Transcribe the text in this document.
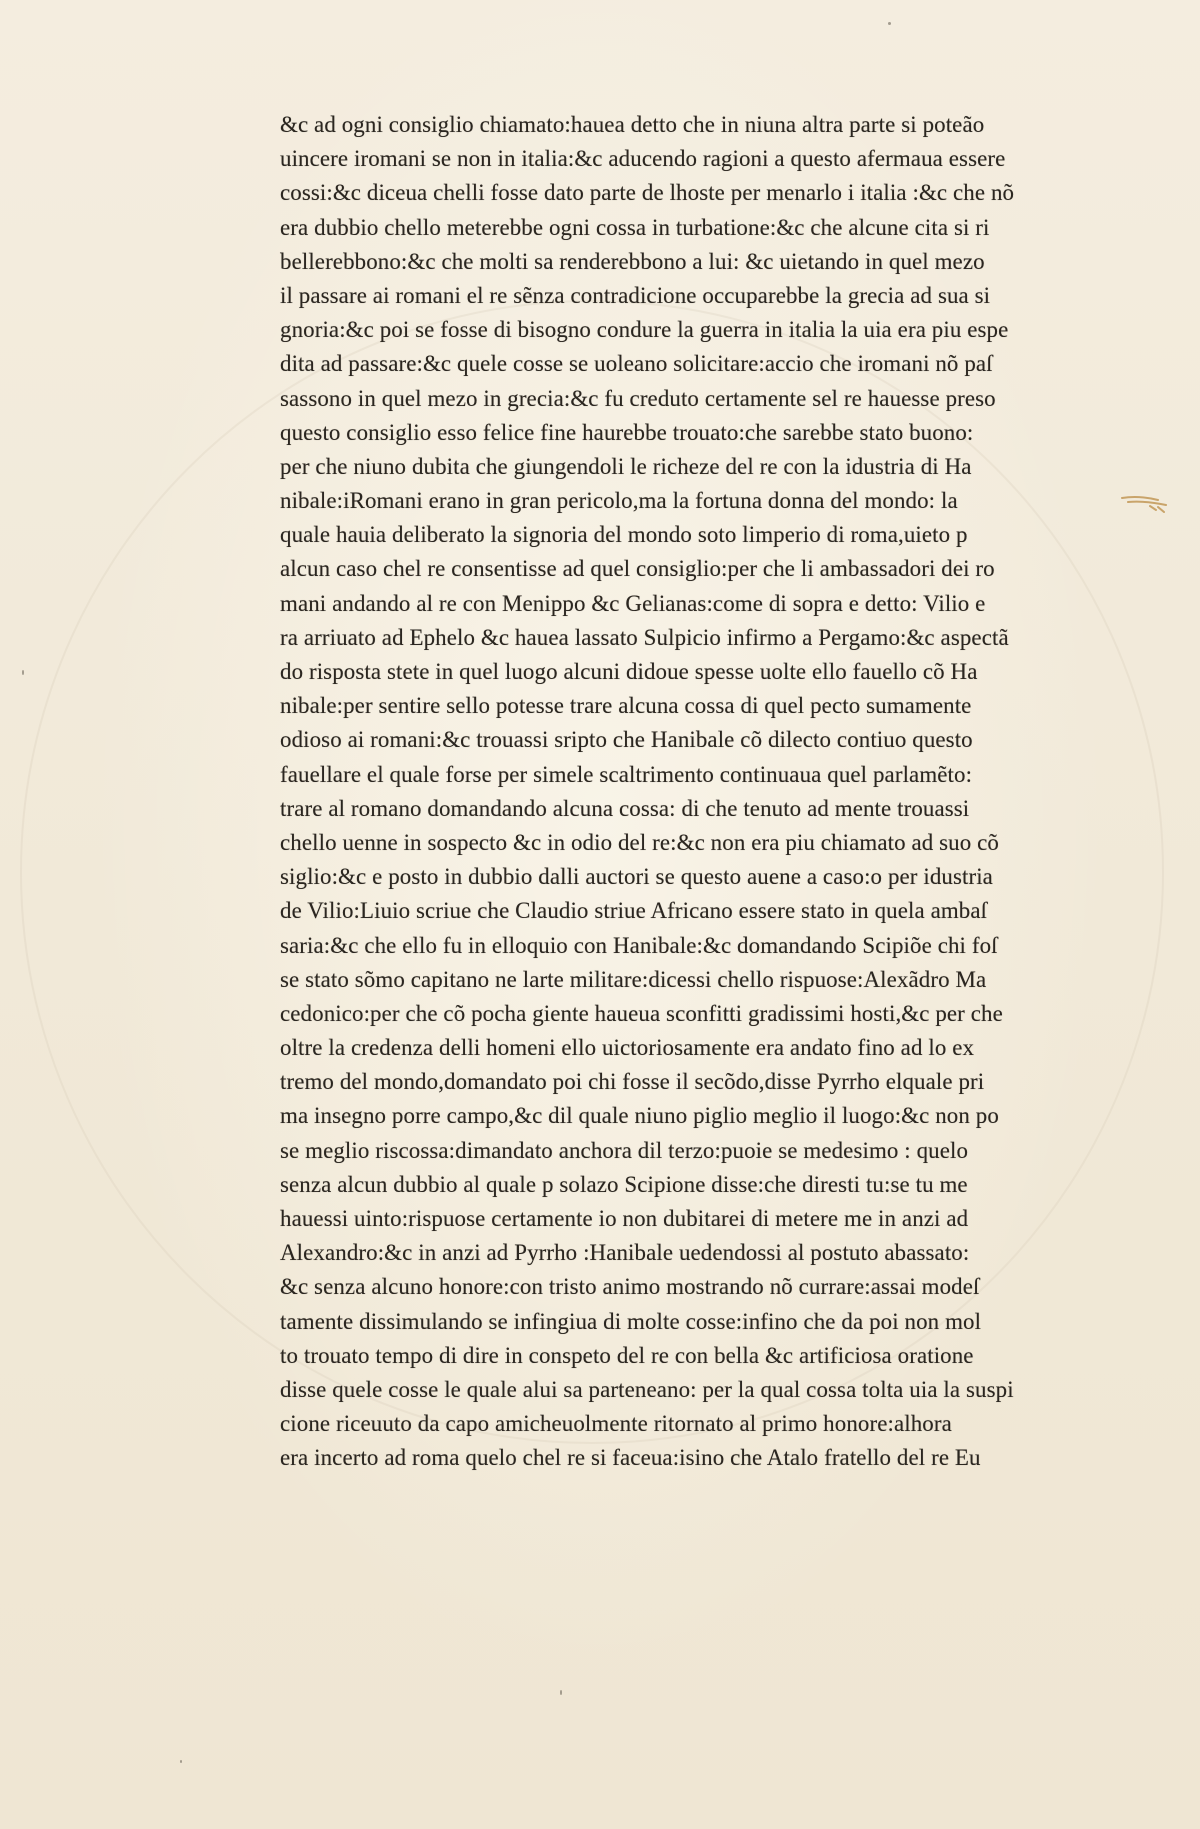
&c ad ogni consiglio chiamato:hauea detto che in niuna altra parte si poteão
uincere iromani se non in italia:&c aducendo ragioni a questo afermaua essere
cossi:&c diceua chelli fosse dato parte de lhoste per menarlo i italia :&c che nõ
era dubbio chello meterebbe ogni cossa in turbatione:&c che alcune cita si ri
bellerebbono:&c che molti sa renderebbono a lui: &c uietando in quel mezo
il passare ai romani el re sẽnza contradicione occuparebbe la grecia ad sua si
gnoria:&c poi se fosse di bisogno condure la guerra in italia la uia era piu espe
dita ad passare:&c quele cosse se uoleano solicitare:accio che iromani nõ paſ
sassono in quel mezo in grecia:&c fu creduto certamente sel re hauesse preso
questo consiglio esso felice fine haurebbe trouato:che sarebbe stato buono:
per che niuno dubita che giungendoli le richeze del re con la idustria di Ha
nibale:iRomani erano in gran pericolo,ma la fortuna donna del mondo: la
quale hauia deliberato la signoria del mondo soto limperio di roma,uieto p
alcun caso chel re consentisse ad quel consiglio:per che li ambassadori dei ro
mani andando al re con Menippo &c Gelianas:come di sopra e detto: Vilio e
ra arriuato ad Ephelo &c hauea lassato Sulpicio infirmo a Pergamo:&c aspectã
do risposta stete in quel luogo alcuni didoue spesse uolte ello fauello cõ Ha
nibale:per sentire sello potesse trare alcuna cossa di quel pecto sumamente
odioso ai romani:&c trouassi sripto che Hanibale cõ dilecto contiuo questo
fauellare el quale forse per simele scaltrimento continuaua quel parlamẽto:
trare al romano domandando alcuna cossa: di che tenuto ad mente trouassi
chello uenne in sospecto &c in odio del re:&c non era piu chiamato ad suo cõ
siglio:&c e posto in dubbio dalli auctori se questo auene a caso:o per idustria
de Vilio:Liuio scriue che Claudio striue Africano essere stato in quela ambaſ
saria:&c che ello fu in elloquio con Hanibale:&c domandando Scipiõe chi foſ
se stato sõmo capitano ne larte militare:dicessi chello rispuose:Alexãdro Ma
cedonico:per che cõ pocha giente haueua sconfitti gradissimi hosti,&c per che
oltre la credenza delli homeni ello uictoriosamente era andato fino ad lo ex
tremo del mondo,domandato poi chi fosse il secõdo,disse Pyrrho elquale pri
ma insegno porre campo,&c dil quale niuno piglio meglio il luogo:&c non po
se meglio riscossa:dimandato anchora dil terzo:puoie se medesimo : quelo
senza alcun dubbio al quale p solazo Scipione disse:che diresti tu:se tu me
hauessi uinto:rispuose certamente io non dubitarei di metere me in anzi ad
Alexandro:&c in anzi ad Pyrrho :Hanibale uedendossi al postuto abassato:
&c senza alcuno honore:con tristo animo mostrando nõ currare:assai modeſ
tamente dissimulando se infingiua di molte cosse:infino che da poi non mol
to trouato tempo di dire in conspeto del re con bella &c artificiosa oratione
disse quele cosse le quale alui sa parteneano: per la qual cossa tolta uia la suspi
cione riceuuto da capo amicheuolmente ritornato al primo honore:alhora
era incerto ad roma quelo chel re si faceua:isino che Atalo fratello del re Eu
